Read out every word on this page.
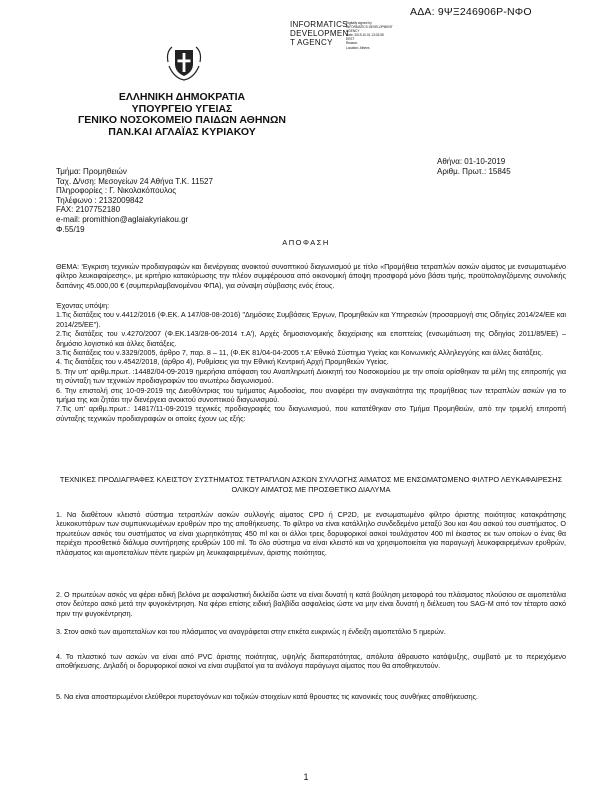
ΑΔΑ: 9ΨΞ246906Ρ-ΝΦΟ
INFORMATICS
DEVELOPMEN
T AGENCY
Digitally signed by
INFORMATICS DEVELOPMENT
AGENCY
Date: 2019.10.01 13:02:55
EEST
Reason:
Location: Athens
ΕΛΛΗΝΙΚΗ ΔΗΜΟΚΡΑΤΙΑ
ΥΠΟΥΡΓΕΙΟ ΥΓΕΙΑΣ
ΓΕΝΙΚΟ ΝΟΣΟΚΟΜΕΙΟ ΠΑΙΔΩΝ ΑΘΗΝΩΝ
ΠΑΝ.ΚΑΙ ΑΓΛΑΪΑΣ ΚΥΡΙΑΚΟΥ
Αθήνα: 01-10-2019
Αριθμ. Πρωτ.: 15845
Τμήμα: Προμηθειών
Ταχ. Δ/νση: Μεσογείων 24 Αθήνα Τ.Κ. 11527
Πληροφορίες : Γ. Νικολακόπουλος
Τηλέφωνο : 2132009842
FAX: 2107752180
e-mail: promithion@aglaiakyriakou.gr
Φ.55/19
ΑΠΟΦΑΣΗ

ΘΕΜΑ: 'Εγκριση τεχνικών προδιαγραφών και διενέργειας ανοικτού συνοπτικού διαγωνισμού με τίτλο «Προμήθεια τετραπλών ασκών αίματος με ενσωματωμένο φίλτρο λευκαφαίρεσης», με κριτήριο κατακύρωσης την πλέον συμφέρουσα από οικονομική άποψη προσφορά μόνο βάσει τιμής, προϋπολογιζόμενης συνολικής δαπάνης 45.000,00 € (συμπεριλαμβανομένου ΦΠΑ), για σύναψη σύμβασης ενός έτους.

Έχοντας υπόψη:

1.Τις διατάξεις του ν.4412/2016 (Φ.ΕΚ. Α 147/08-08-2016) "Δημόσιες Συμβάσεις Έργων, Προμηθειών και Υπηρεσιών (προσαρμογή στις Οδηγίες 2014/24/ΕΕ και 2014/25/ΕΕ").

2.Τις διατάξεις του ν.4270/2007 (Φ.ΕΚ.143/28-06-2014 τ.Α'), Αρχές δημοσιονομικής διαχείρισης και εποπτείας (ενσωμάτωση της Οδηγίας 2011/85/ΕΕ) – δημόσιο λογιστικό και άλλες διατάξεις.

3.Τις διατάξεις του ν.3329/2005, άρθρο 7, παρ. 8 – 11, (Φ.ΕΚ 81/04-04-2005 τ.Α' Εθνικό Σύστημα Υγείας και Κοινωνικής Αλληλεγγύης και άλλες διατάξεις.

4. Τις διατάξεις του ν.4542/2018, (άρθρο 4), Ρυθμίσεις για την Εθνική Κεντρική Αρχή Προμηθειών Υγείας.

5. Την υπ' αριθμ.πρωτ. :14482/04-09-2019 ημερήσια απόφαση του Αναπληρωτή Διοικητή του Νοσοκομείου με την οποία ορίσθηκαν τα μέλη της επιτροπής για τη σύνταξη των τεχνικών προδιαγραφών του ανωτέρω διαγωνισμού.

6. Την επιστολή στις 10-09-2019 της Διευθύντριας του τμήματος Αιμοδοσίας, που αναφέρει την αναγκαιότητα της προμήθειας των τετραπλών ασκών για το τμήμα της και ζητάει την διενέργεια ανοικτού συνοπτικού διαγωνισμού.

7.Τις υπ' αριθμ.πρωτ.: 14817/11-09-2019 τεχνικές προδιαγραφές του διαγωνισμού, που κατατέθηκαν στο Τμήμα Προμηθειών, από την τριμελή επιτροπή σύνταξης τεχνικών προδιαγραφών οι οποίες έχουν ως εξής:

ΤΕΧΝΙΚΕΣ ΠΡΟΔΙΑΓΡΑΦΕΣ ΚΛΕΙΣΤΟΥ ΣΥΣΤΗΜΑΤΟΣ ΤΕΤΡΑΠΛΩΝ ΑΣΚΩΝ ΣΥΛΛΟΓΗΣ ΑΙΜΑΤΟΣ ΜΕ ΕΝΣΩΜΑΤΩΜΕΝΟ ΦΙΛΤΡΟ ΛΕΥΚΑΦΑΙΡΕΣΗΣ ΟΛΙΚΟΥ ΑΙΜΑΤΟΣ ΜΕ ΠΡΟΣΘΕΤΙΚΟ ΔΙΑΛΥΜΑ
1. Να διαθέτουν κλειστό σύστημα τετραπλών ασκών συλλογής αίματος CPD ή CP2D, με ενσωματωμένο φίλτρο άριστης ποιότητας κατακράτησης λευκοκυττάρων των συμπυκνωμένων ερυθρών προ της αποθήκευσης. Το φίλτρο να είναι κατάλληλο συνδεδεμένο μεταξύ 3ου και 4ου ασκού του συστήματος. Ο πρωτεύων ασκός του συστήματος να είναι χωρητικότητας 450 ml και οι άλλοι τρεις δορυφορικοί ασκοί τουλάχιστον 400 ml έκαστος εκ των οποίων ο ένας θα περιέχει προσθετικό διάλυμα συντήρησης ερυθρών 100 ml. Το όλο σύστημα να είναι κλειστό και να χρησιμοποιείται για παραγωγή λευκαφαιρεμένων ερυθρών, πλάσματος και αιμοπεταλίων πέντε ημερών μη λευκαφαιρεμένων, άριστης ποιότητας.
2. Ο πρωτεύων ασκός να φέρει ειδική βελόνα με ασφαλιστική δικλείδα ώστε να είναι δυνατή η κατά βούληση μεταφορά του πλάσματος πλούσιου σε αιμοπετάλια στον δεύτερο ασκό μετά την φυγοκέντρηση. Να φέρει επίσης ειδική βαλβίδα ασφαλείας ώστε να μην είναι δυνατή η διέλευση του SAG-M από τον τέταρτο ασκό πριν την φυγοκέντρηση.
3. Στον ασκό των αιμοπεταλίων και του πλάσματος να αναγράφεται στην ετικέτα ευκρινώς η ένδειξη αιμοπετάλιο 5 ημερών.
4. Το πλαστικό των ασκών να είναι από PVC άριστης ποιότητας, υψηλής διαπερατότητας, απόλυτα άθραυστο κατάψυξης, συμβατό με το περιεχόμενο αποθήκευσης. Δηλαδή οι δορυφορικοί ασκοί να είναι συμβατοί για τα ανάλογα παράγωγα αίματος που θα αποθηκευτούν.
5. Να είναι αποστειρωμένοι ελεύθεροι πυρετογόνων και τοξικών στοιχείων κατά θρουστες τις κανονικές τους συνθήκες αποθήκευσης.
1
